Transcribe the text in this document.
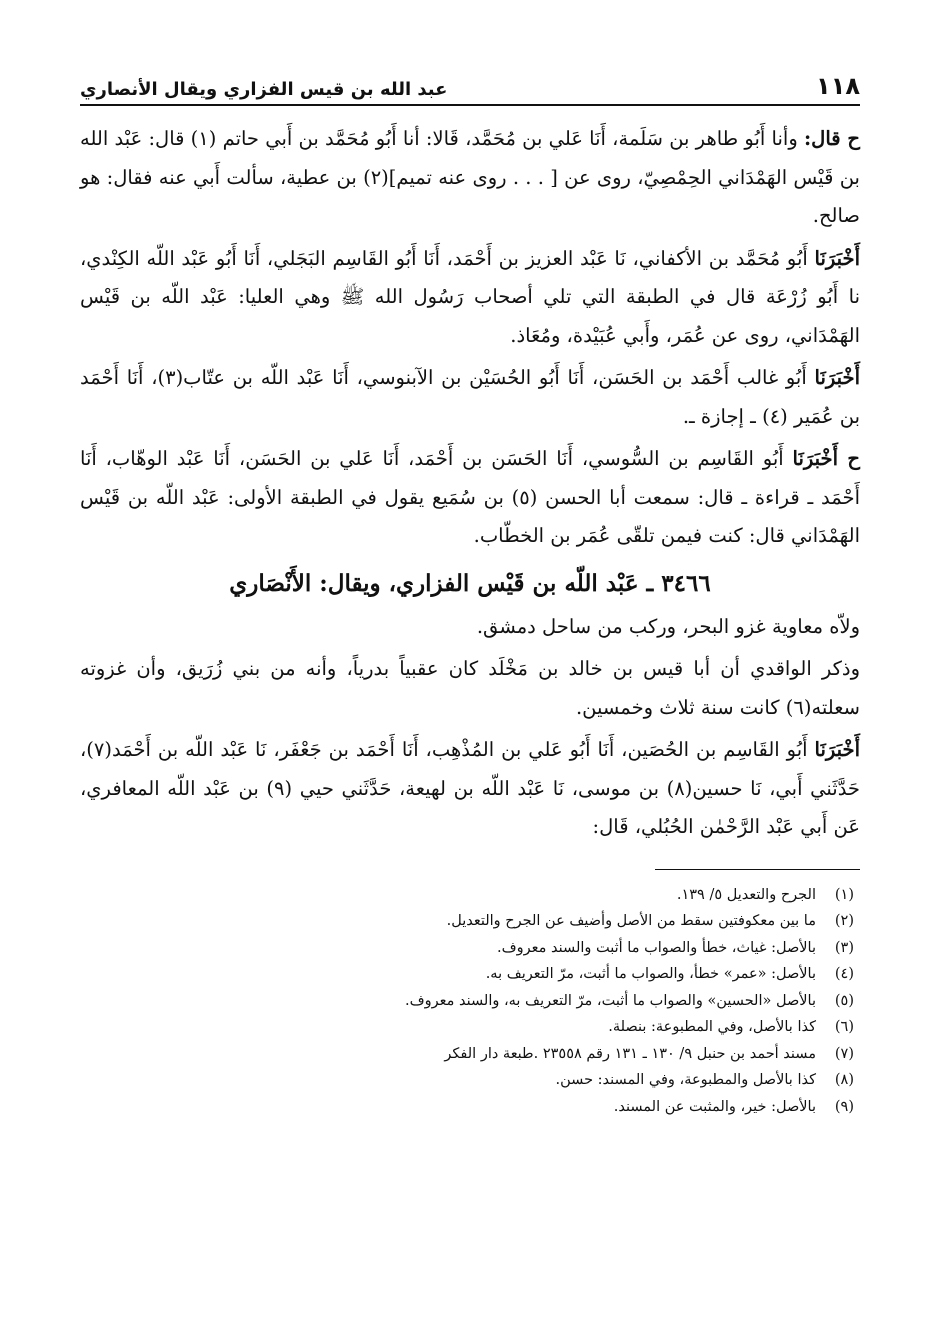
١١٨
عبد الله بن قيس الفزاري ويقال الأنصاري

ح قال: وأنا أَبُو طاهر بن سَلَمة، أَنَا عَلي بن مُحَمَّد، قَالا: أنا أَبُو مُحَمَّد بن أَبي حاتم (١) قال: عَبْد الله بن قَيْس الهَمْدَاني الحِمْصِيّ، روى عن [ . . . روى عنه تميم](٢) بن عطية، سألت أَبي عنه فقال: هو صالح.

أَخْبَرَنَا أَبُو مُحَمَّد بن الأكفاني، نَا عَبْد العزيز بن أَحْمَد، أَنَا أَبُو القَاسِم البَجَلي، أَنَا أَبُو عَبْد اللّه الكِنْدي، نا أَبُو زُرْعَة قال في الطبقة التي تلي أصحاب رَسُول الله ﷺ وهي العليا: عَبْد اللّه بن قَيْس الهَمْدَاني، روى عن عُمَر، وأَبي عُبَيْدة، ومُعَاذ.

أَخْبَرَنَا أَبُو غالب أَحْمَد بن الحَسَن، أَنَا أَبُو الحُسَيْن بن الآبنوسي، أَنَا عَبْد اللّه بن عتّاب(٣)، أَنَا أَحْمَد بن عُمَير (٤) ـ إجازة ـ.

ح أَخْبَرَنَا أَبُو القَاسِم بن السُّوسي، أَنَا الحَسَن بن أَحْمَد، أَنَا عَلي بن الحَسَن، أَنَا عَبْد الوهّاب، أَنَا أَحْمَد ـ قراءة ـ قال: سمعت أبا الحسن (٥) بن سُمَيع يقول في الطبقة الأولى: عَبْد اللّه بن قَيْس الهَمْدَاني قال: كنت فيمن تلقّى عُمَر بن الخطّاب.

٣٤٦٦ ـ عَبْد اللّه بن قَيْس الفزاري، ويقال: الأَنْصَاري

ولاّه معاوية غزو البحر، وركب من ساحل دمشق.

وذكر الواقدي أن أبا قيس بن خالد بن مَخْلَد كان عقبياً بدرياً، وأنه من بني زُرَيق، وأن غزوته سعلته(٦) كانت سنة ثلاث وخمسين.

أَخْبَرَنَا أَبُو القَاسِم بن الحُصَين، أَنَا أَبُو عَلي بن المُذْهِب، أَنَا أَحْمَد بن جَعْفَر، نَا عَبْد اللّه بن أَحْمَد(٧)، حَدَّثَني أَبي، نَا حسين(٨) بن موسى، نَا عَبْد اللّه بن لهيعة، حَدَّثَني حيي (٩) بن عَبْد اللّه المعافري، عَن أَبي عَبْد الرَّحْمٰن الحُبُلي، قَال:

(١)
الجرح والتعديل ٥/ ١٣٩.
(٢)
ما بين معكوفتين سقط من الأصل وأضيف عن الجرح والتعديل.
(٣)
بالأصل: غياث، خطأ والصواب ما أثبت والسند معروف.
(٤)
بالأصل: «عمر» خطأ، والصواب ما أثبت، مرّ التعريف به.
(٥)
بالأصل «الحسين» والصواب ما أثبت، مرّ التعريف به، والسند معروف.
(٦)
كذا بالأصل، وفي المطبوعة: بنصلة.
(٧)
مسند أحمد بن حنبل ٩/ ١٣٠ ـ ١٣١ رقم ٢٣٥٥٨ .طبعة دار الفكر
(٨)
كذا بالأصل والمطبوعة، وفي المسند: حسن.
(٩)
بالأصل: خير، والمثبت عن المسند.
